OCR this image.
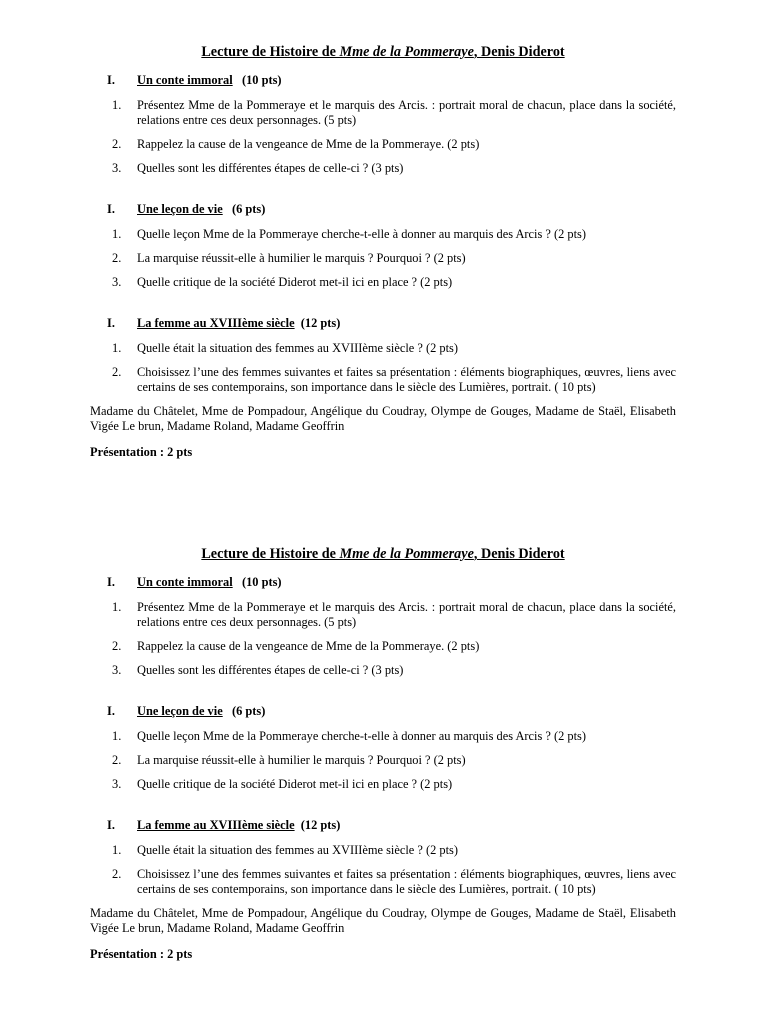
Lecture de Histoire de Mme de la Pommeraye, Denis Diderot
I. Un conte immoral (10 pts)
1. Présentez Mme de la Pommeraye et le marquis des Arcis. : portrait moral de chacun, place dans la société, relations entre ces deux personnages. (5 pts)
2. Rappelez la cause de la vengeance de Mme de la Pommeraye. (2 pts)
3. Quelles sont les différentes étapes de celle-ci ? (3 pts)
I. Une leçon de vie (6 pts)
1. Quelle leçon Mme de la Pommeraye cherche-t-elle à donner au marquis des Arcis ? (2 pts)
2. La marquise réussit-elle à humilier le marquis ? Pourquoi ? (2 pts)
3. Quelle critique de la société Diderot met-il ici en place ? (2 pts)
I. La femme au XVIIIème siècle (12 pts)
1. Quelle était la situation des femmes au XVIIIème siècle ? (2 pts)
2. Choisissez l’une des femmes suivantes et faites sa présentation : éléments biographiques, œuvres, liens avec certains de ses contemporains, son importance dans le siècle des Lumières, portrait. ( 10 pts)
Madame du Châtelet, Mme de Pompadour, Angélique du Coudray, Olympe de Gouges, Madame de Staël, Elisabeth Vigée Le brun, Madame Roland, Madame Geoffrin
Présentation : 2 pts
Lecture de Histoire de Mme de la Pommeraye, Denis Diderot
I. Un conte immoral (10 pts)
1. Présentez Mme de la Pommeraye et le marquis des Arcis. : portrait moral de chacun, place dans la société, relations entre ces deux personnages. (5 pts)
2. Rappelez la cause de la vengeance de Mme de la Pommeraye. (2 pts)
3. Quelles sont les différentes étapes de celle-ci ? (3 pts)
I. Une leçon de vie (6 pts)
1. Quelle leçon Mme de la Pommeraye cherche-t-elle à donner au marquis des Arcis ? (2 pts)
2. La marquise réussit-elle à humilier le marquis ? Pourquoi ? (2 pts)
3. Quelle critique de la société Diderot met-il ici en place ? (2 pts)
I. La femme au XVIIIème siècle (12 pts)
1. Quelle était la situation des femmes au XVIIIème siècle ? (2 pts)
2. Choisissez l’une des femmes suivantes et faites sa présentation : éléments biographiques, œuvres, liens avec certains de ses contemporains, son importance dans le siècle des Lumières, portrait. ( 10 pts)
Madame du Châtelet, Mme de Pompadour, Angélique du Coudray, Olympe de Gouges, Madame de Staël, Elisabeth Vigée Le brun, Madame Roland, Madame Geoffrin
Présentation : 2 pts
